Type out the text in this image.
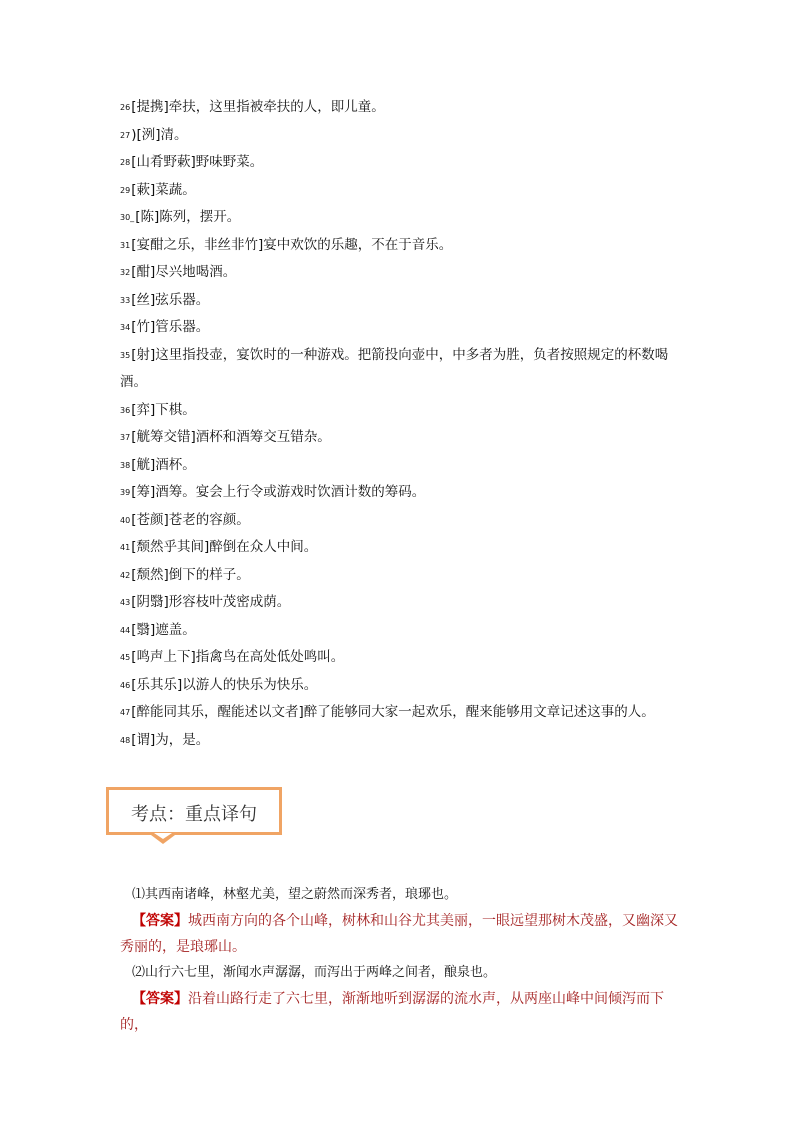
26[提携]牵扶，这里指被牵扶的人，即儿童。

27)[洌]清。

28[山肴野蔌]野味野菜。

29[蔌]菜蔬。

30_[陈]陈列，摆开。

31[宴酣之乐，非丝非竹]宴中欢饮的乐趣，不在于音乐。

32[酣]尽兴地喝酒。

33[丝]弦乐器。

34[竹]管乐器。

35[射]这里指投壶，宴饮时的一种游戏。把箭投向壶中，中多者为胜，负者按照规定的杯数喝酒。

36[弈]下棋。

37[觥筹交错]酒杯和酒筹交互错杂。

38[觥]酒杯。

39[筹]酒筹。宴会上行令或游戏时饮酒计数的筹码。

40[苍颜]苍老的容颜。

41[颓然乎其间]醉倒在众人中间。

42[颓然]倒下的样子。

43[阴翳]形容枝叶茂密成荫。

44[翳]遮盖。

45[鸣声上下]指禽鸟在高处低处鸣叫。

46[乐其乐]以游人的快乐为快乐。

47[醉能同其乐，醒能述以文者]醉了能够同大家一起欢乐，醒来能够用文章记述这事的人。

48[谓]为，是。

考点：重点译句

⑴其西南诸峰，林壑尤美，望之蔚然而深秀者，琅琊也。

【答案】城西南方向的各个山峰，树林和山谷尤其美丽，一眼远望那树木茂盛，又幽深又秀丽的，是琅琊山。

⑵山行六七里，渐闻水声潺潺，而泻出于两峰之间者，酿泉也。

【答案】沿着山路行走了六七里，渐渐地听到潺潺的流水声，从两座山峰中间倾泻而下的，
